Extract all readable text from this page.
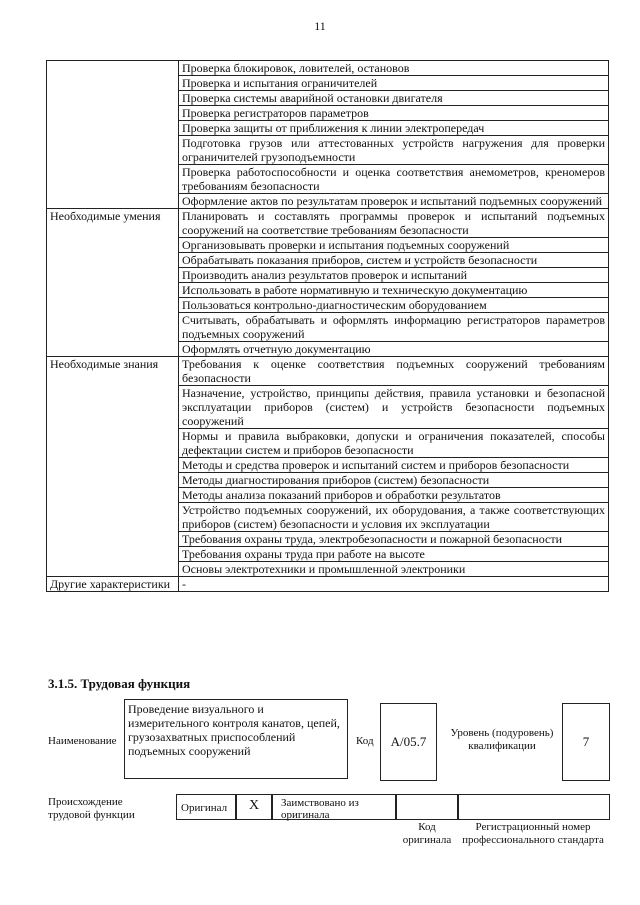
11
	Проверка блокировок, ловителей, остановов
	Проверка и испытания ограничителей
	Проверка системы аварийной остановки двигателя
	Проверка регистраторов параметров
	Проверка защиты от приближения к линии электропередач
	Подготовка грузов или аттестованных устройств нагружения для проверки ограничителей грузоподъемности
	Проверка работоспособности и оценка соответствия анемометров, креномеров требованиям безопасности
	Оформление актов по результатам проверок и испытаний подъемных сооружений
Необходимые умения	Планировать и составлять программы проверок и испытаний подъемных сооружений на соответствие требованиям безопасности
	Организовывать проверки и испытания подъемных сооружений
	Обрабатывать показания приборов, систем и устройств безопасности
	Производить анализ результатов проверок и испытаний
	Использовать в работе нормативную и техническую документацию
	Пользоваться контрольно-диагностическим оборудованием
	Считывать, обрабатывать и оформлять информацию регистраторов параметров подъемных сооружений
	Оформлять отчетную документацию
Необходимые знания	Требования к оценке соответствия подъемных сооружений требованиям безопасности
	Назначение, устройство, принципы действия, правила установки и безопасной эксплуатации приборов (систем) и устройств безопасности подъемных сооружений
	Нормы и правила выбраковки, допуски и ограничения показателей, способы дефектации систем и приборов безопасности
	Методы и средства проверок и испытаний систем и приборов безопасности
	Методы диагностирования приборов (систем) безопасности
	Методы анализа показаний приборов и обработки результатов
	Устройство подъемных сооружений, их оборудования, а также соответствующих приборов (систем) безопасности и условия их эксплуатации
	Требования охраны труда, электробезопасности и пожарной безопасности
	Требования охраны труда при работе на высоте
	Основы электротехники и промышленной электроники
Другие характеристики	-
3.1.5. Трудовая функция
Наименование
Проведение визуального и измерительного контроля канатов, цепей, грузозахватных приспособлений подъемных сооружений
Код	А/05.7
Уровень (подуровень) квалификации	7
Происхождение трудовой функции
Оригинал	X	Заимствовано из оригинала
Код оригинала
Регистрационный номер профессионального стандарта
